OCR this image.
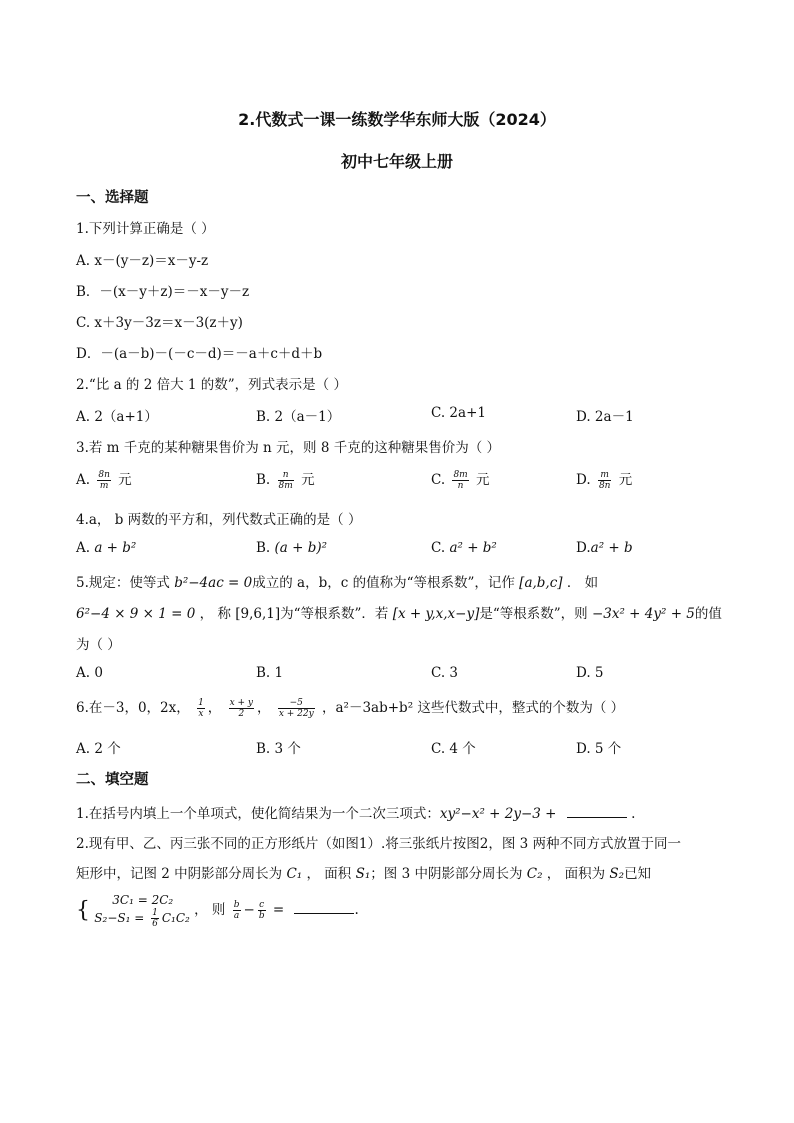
2.代数式一课一练数学华东师大版（2024）
初中七年级上册
一、选择题
1.下列计算正确是（ ）
A. x－(y－z)＝x－y-z
B．－(x－y＋z)＝－x－y－z
C. x＋3y－3z＝x－3(z＋y)
D．－(a－b)－(－c－d)＝－a＋c＋d＋b
2.“比 a 的 2 倍大 1 的数”，列式表示是（ ）
A. 2（a+1）	B. 2（a－1）	C. 2a+1	D. 2a－1
3.若 m 千克的某种糖果售价为 n 元，则 8 千克的这种糖果售价为（ ）
A. $\frac{8n}{m}$ 元	B. $\frac{n}{8m}$ 元	C. $\frac{8m}{n}$ 元	D. $\frac{m}{8n}$ 元
4.a， b 两数的平方和，列代数式正确的是（ ）
A. a + b²	B. (a + b)²	C. a² + b²	D.a² + b
5.规定：使等式 b²−4ac = 0成立的 a，b，c 的值称为“等根系数”，记作 [a,b,c] ． 如
6²−4 × 9 × 1 = 0 ， 称 [9,6,1]为“等根系数”．若 [x + y,x,x−y]是“等根系数”，则 −3x² + 4y² + 5的值
为（ ）
A. 0	B. 1	C. 3	D. 5
6.在－3，0，2x， $\frac{1}{x}$ ， $\frac{x + y}{2}$ ， $\frac{-5}{x + 22y}$ ，a²－3ab+b² 这些代数式中，整式的个数为（ ）
A. 2 个	B. 3 个	C. 4 个	D. 5 个
二、填空题
1.在括号内填上一个单项式，使化简结果为一个二次三项式：xy²−x² + 2y−3 +	.
2.现有甲、乙、丙三张不同的正方形纸片（如图1）.将三张纸片按图2，图 3 两种不同方式放置于同一
矩形中，记图 2 中阴影部分周长为 C₁ ， 面积 S₁；图 3 中阴影部分周长为 C₂ ， 面积为 S₂已知
{	3C₁ = 2C₂
$S_2-S_1 = \frac{1}{6} C_1C_2$ ， 则 $\frac{b}{a} - \frac{c}{b}$ =	.
